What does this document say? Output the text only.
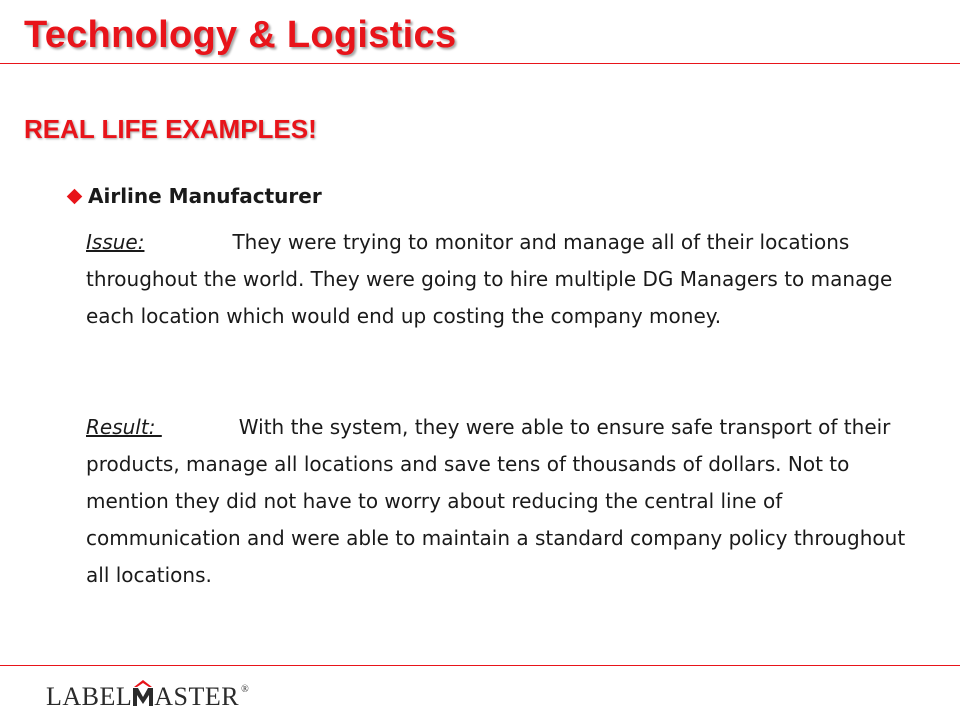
Technology & Logistics
REAL LIFE EXAMPLES!
Airline Manufacturer
Issue:	They were trying to monitor and manage all of their locations throughout the world. They were going to hire multiple DG Managers to manage each location which would end up costing the company money.
Result:	With the system, they were able to ensure safe transport of their products, manage all locations and save tens of thousands of dollars. Not to mention they did not have to worry about reducing the central line of communication and were able to maintain a standard company policy throughout all locations.
LABEL ASTER ®
